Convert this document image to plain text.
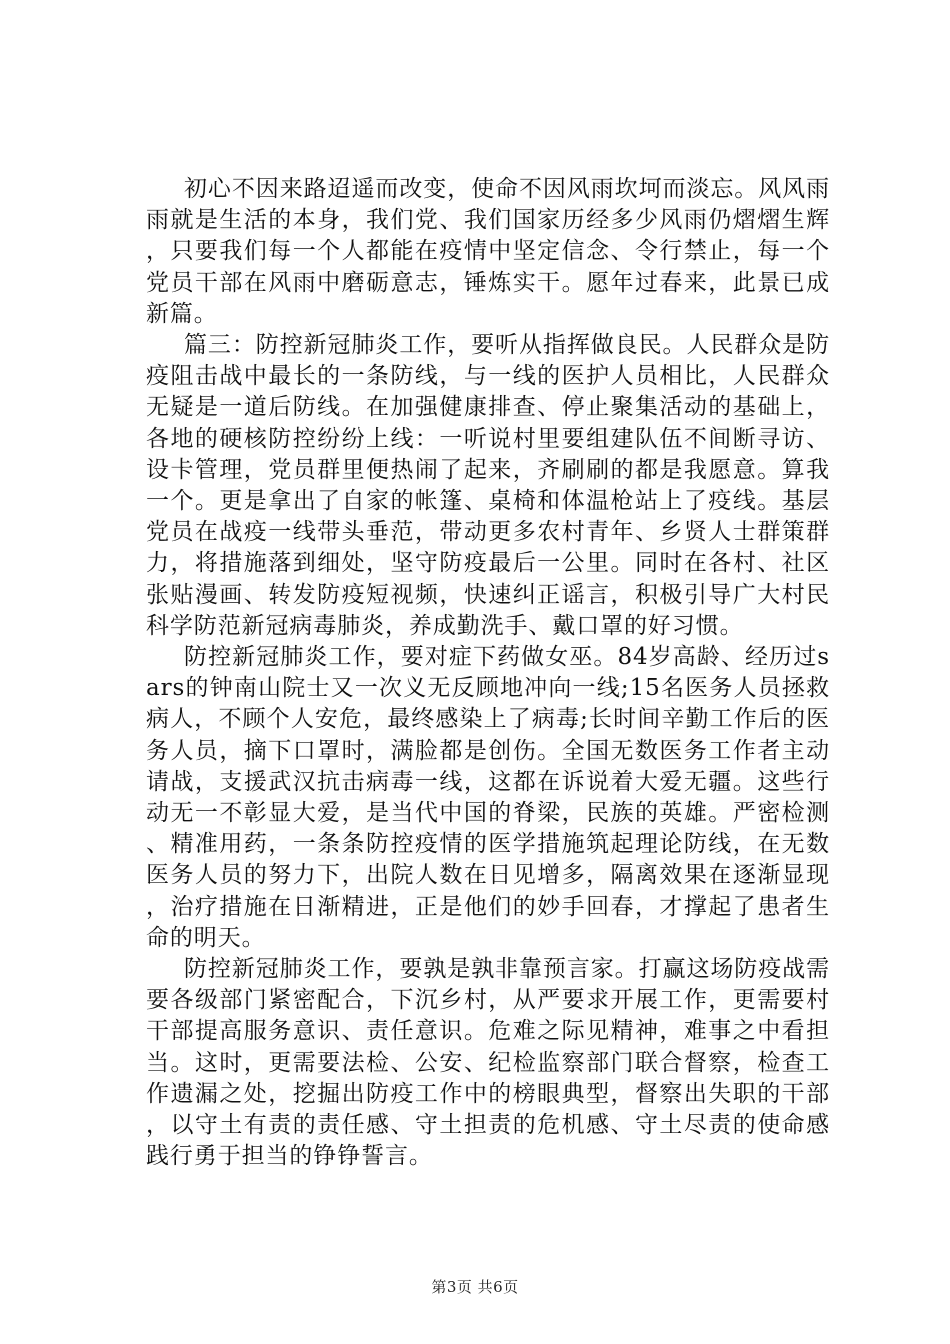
初心不因来路迢遥而改变，使命不因风雨坎坷而淡忘。风风雨雨就是生活的本身，我们党、我们国家历经多少风雨仍熠熠生辉，只要我们每一个人都能在疫情中坚定信念、令行禁止，每一个党员干部在风雨中磨砺意志，锤炼实干。愿年过春来，此景已成新篇。

篇三：防控新冠肺炎工作，要听从指挥做良民。人民群众是防疫阻击战中最长的一条防线，与一线的医护人员相比，人民群众无疑是一道后防线。在加强健康排查、停止聚集活动的基础上，各地的硬核防控纷纷上线：一听说村里要组建队伍不间断寻访、设卡管理，党员群里便热闹了起来，齐刷刷的都是我愿意。算我一个。更是拿出了自家的帐篷、桌椅和体温枪站上了疫线。基层党员在战疫一线带头垂范，带动更多农村青年、乡贤人士群策群力，将措施落到细处，坚守防疫最后一公里。同时在各村、社区张贴漫画、转发防疫短视频，快速纠正谣言，积极引导广大村民科学防范新冠病毒肺炎，养成勤洗手、戴口罩的好习惯。

防控新冠肺炎工作，要对症下药做女巫。84岁高龄、经历过sars的钟南山院士又一次义无反顾地冲向一线;15名医务人员拯救病人，不顾个人安危，最终感染上了病毒;长时间辛勤工作后的医务人员，摘下口罩时，满脸都是创伤。全国无数医务工作者主动请战，支援武汉抗击病毒一线，这都在诉说着大爱无疆。这些行动无一不彰显大爱，是当代中国的脊梁，民族的英雄。严密检测、精准用药，一条条防控疫情的医学措施筑起理论防线，在无数医务人员的努力下，出院人数在日见增多，隔离效果在逐渐显现，治疗措施在日渐精进，正是他们的妙手回春，才撑起了患者生命的明天。

防控新冠肺炎工作，要孰是孰非靠预言家。打赢这场防疫战需要各级部门紧密配合，下沉乡村，从严要求开展工作，更需要村干部提高服务意识、责任意识。危难之际见精神，难事之中看担当。这时，更需要法检、公安、纪检监察部门联合督察，检查工作遗漏之处，挖掘出防疫工作中的榜眼典型，督察出失职的干部，以守土有责的责任感、守土担责的危机感、守土尽责的使命感践行勇于担当的铮铮誓言。

第3页 共6页
